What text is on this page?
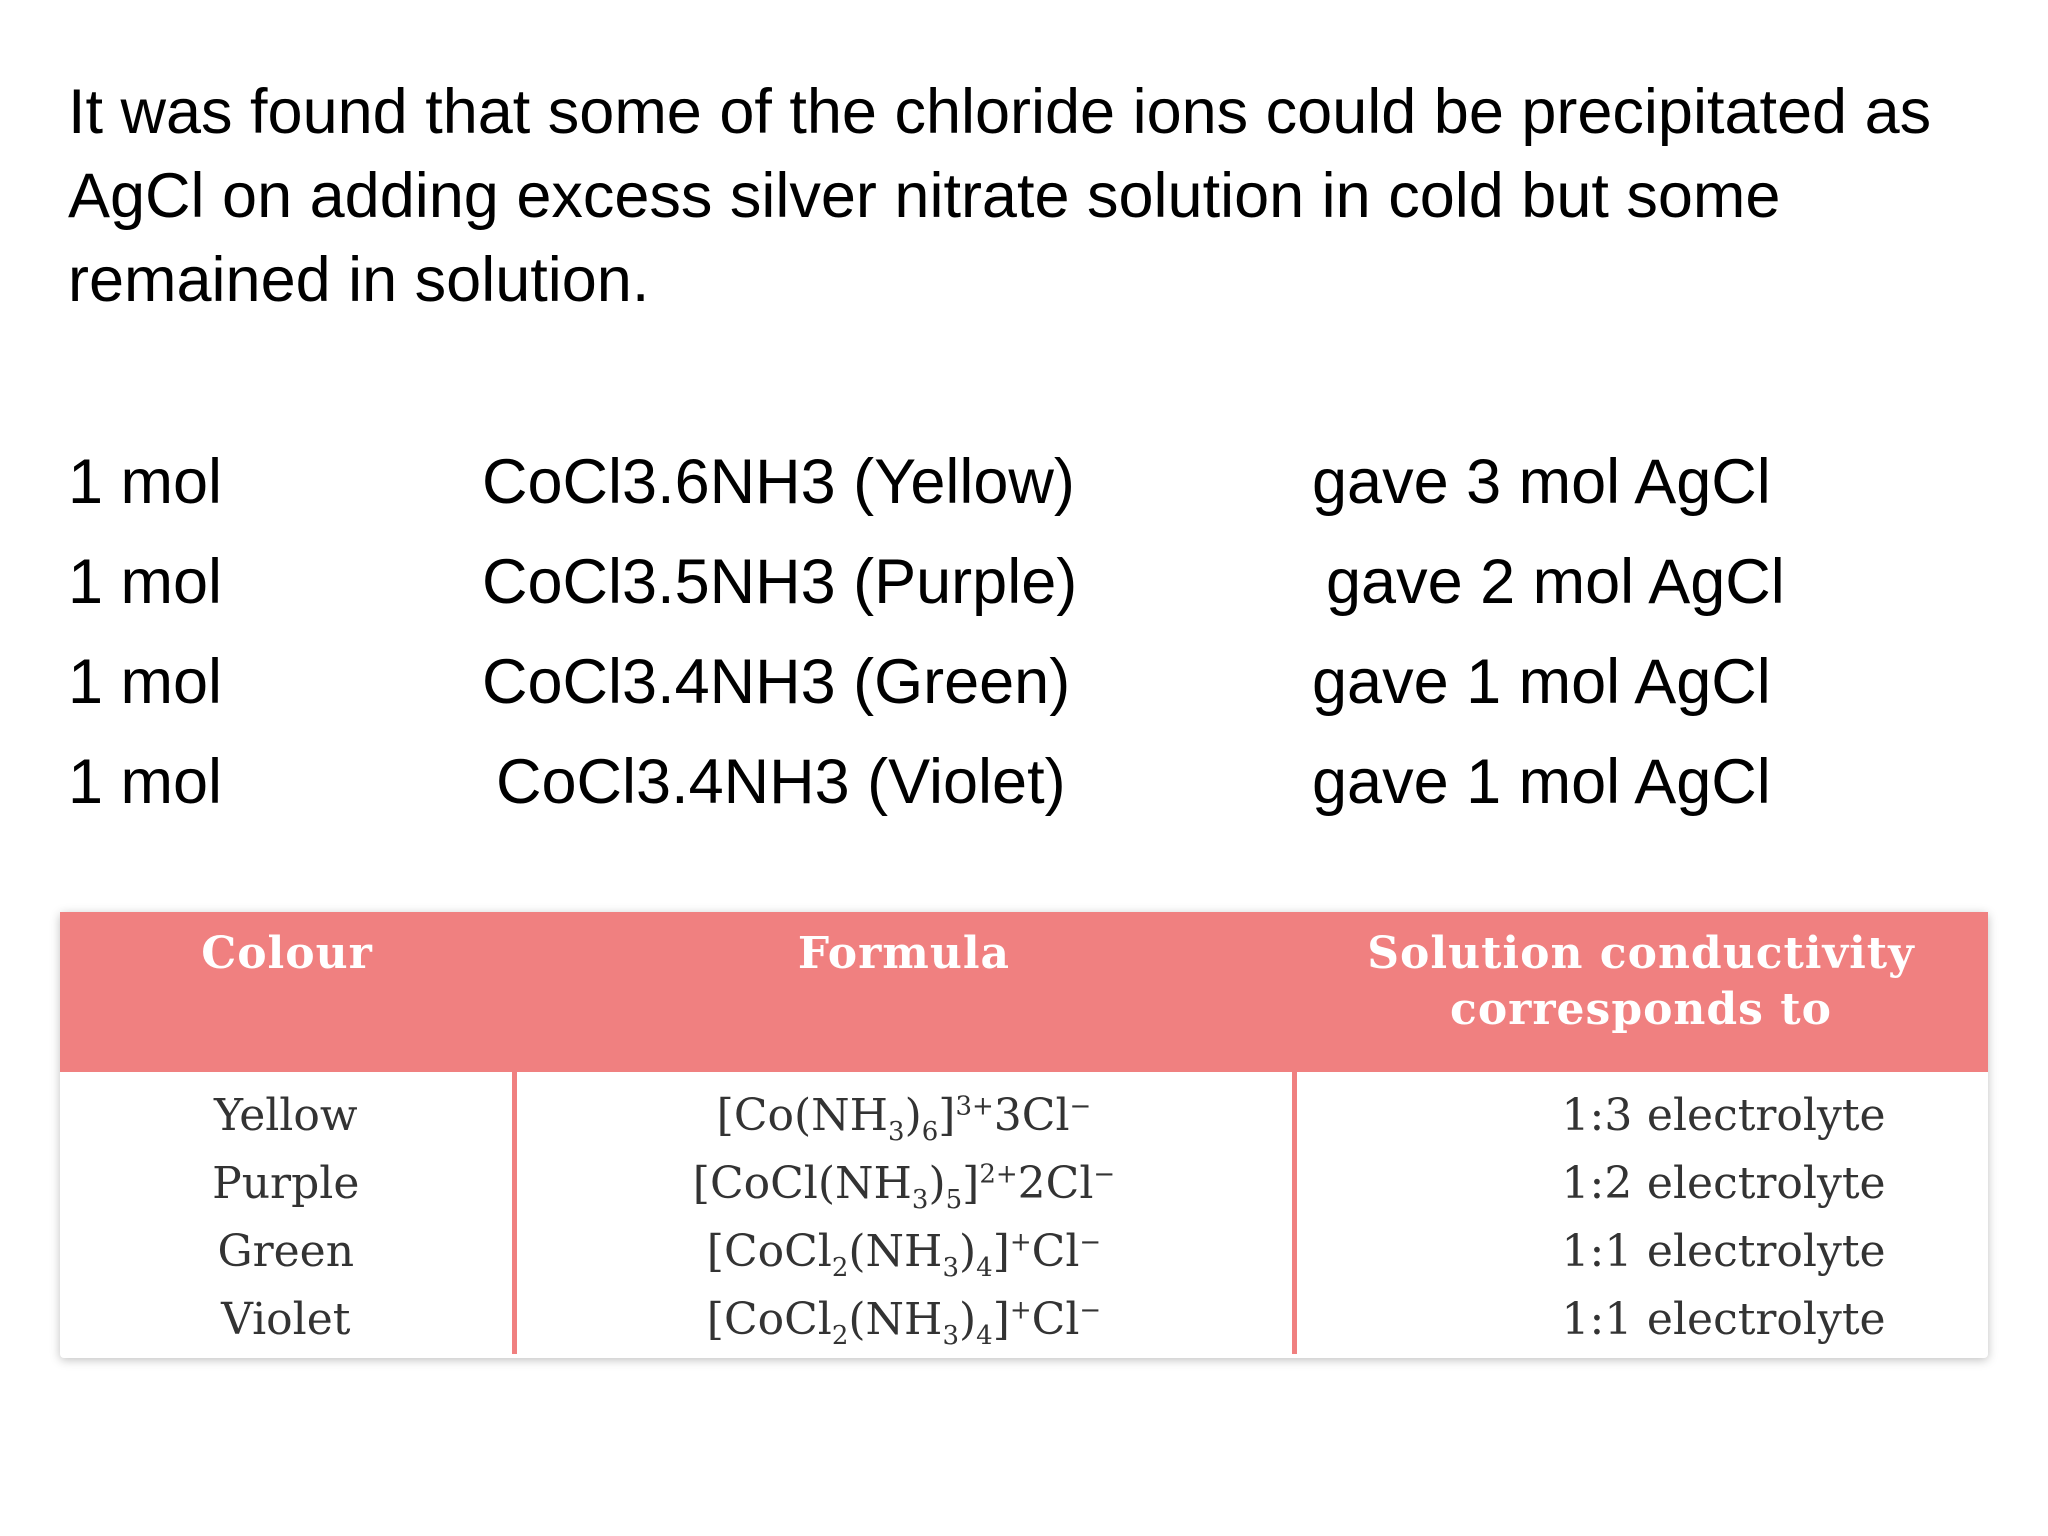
It was found that some of the chloride ions could be precipitated as AgCl on adding excess silver nitrate solution in cold but some remained in solution.

1 mol	CoCl3.6NH3 (Yellow)	gave 3 mol AgCl
1 mol	CoCl3.5NH3 (Purple)	gave 2 mol AgCl
1 mol	CoCl3.4NH3 (Green)	gave 1 mol AgCl
1 mol	CoCl3.4NH3 (Violet)	gave 1 mol AgCl
Colour	Formula	Solution conductivity corresponds to

Yellow	$[Co(NH_3)_6]^{3+}3Cl^-$	1:3 electrolyte
Purple	$[CoCl(NH_3)_5]^{2+}2Cl^-$	1:2 electrolyte
Green	$[CoCl_2(NH_3)_4]^+Cl^-$	1:1 electrolyte
Violet	$[CoCl_2(NH_3)_4]^+Cl^-$	1:1 electrolyte
